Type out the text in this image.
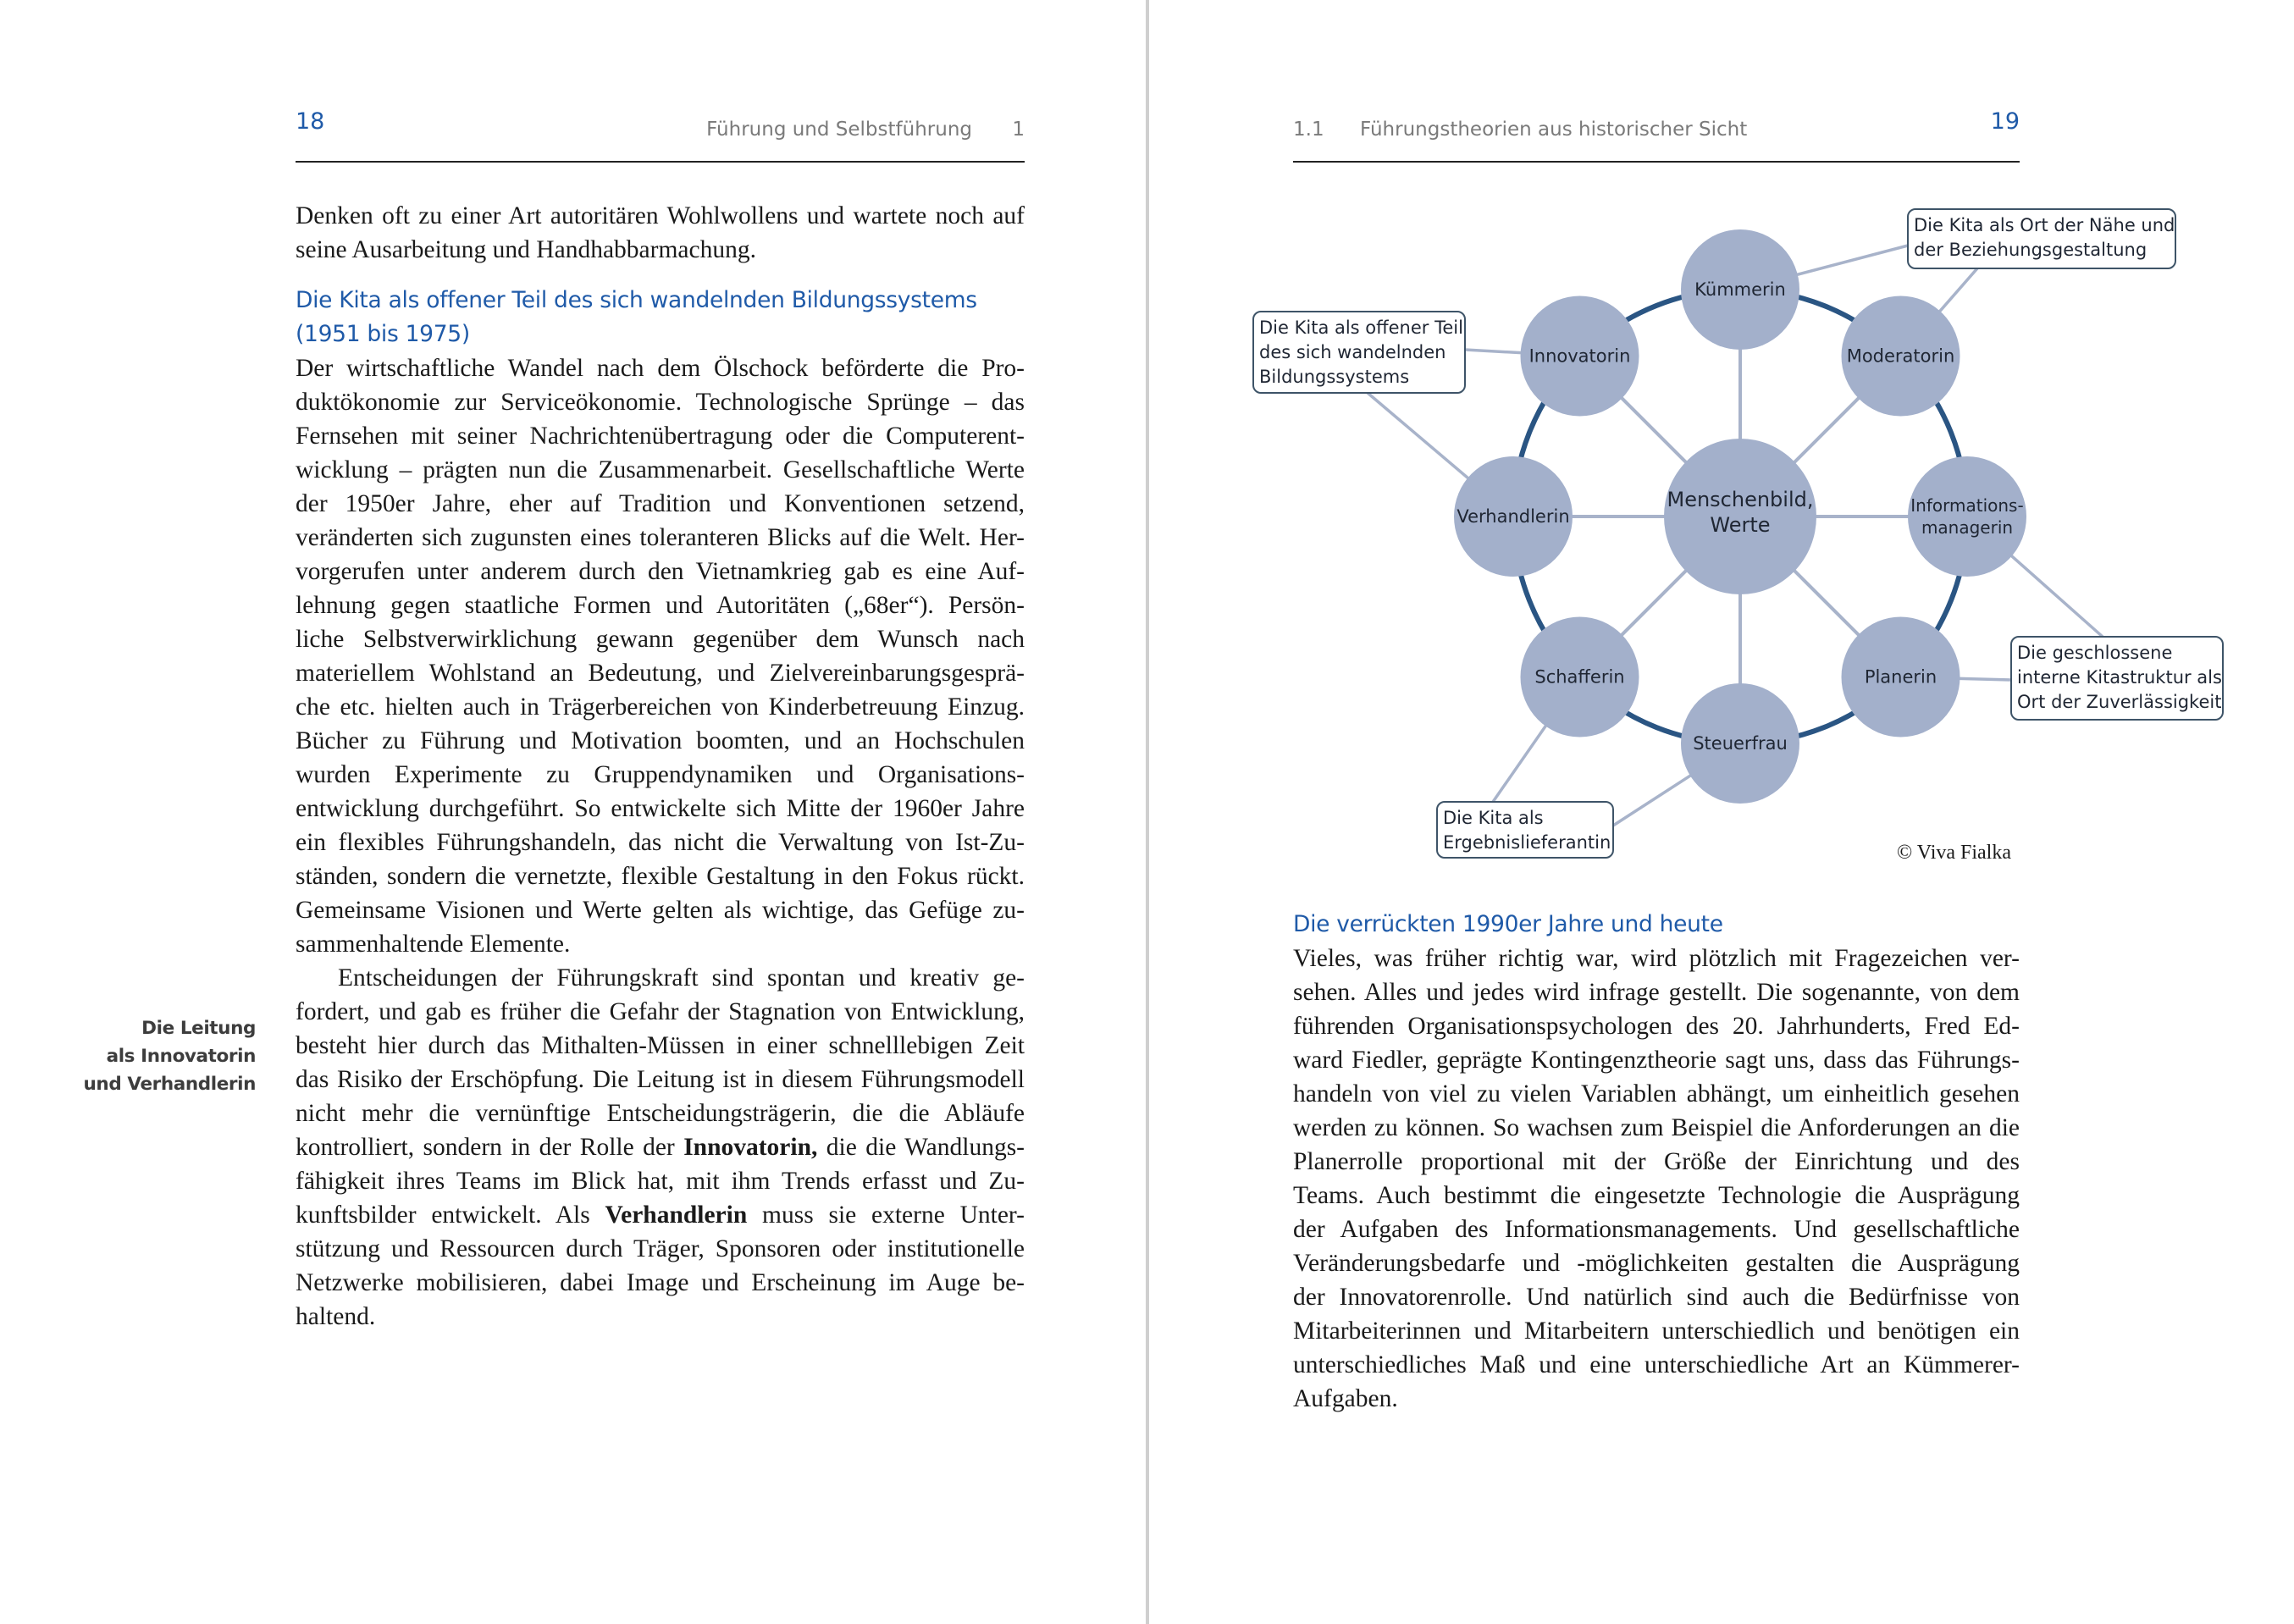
18	Führung und Selbstführung 1
Denken oft zu einer Art autoritären Wohlwollens und wartete noch auf
seine Ausarbeitung und Handhabbarmachung.
Die Kita als offener Teil des sich wandelnden Bildungssystems
(1951 bis 1975)
Der wirtschaftliche Wandel nach dem Ölschock beförderte die Pro-
duktökonomie zur Serviceökonomie. Technologische Sprünge – das
Fernsehen mit seiner Nachrichtenübertragung oder die Computerent-
wicklung – prägten nun die Zusammenarbeit. Gesellschaftliche Werte
der 1950er Jahre, eher auf Tradition und Konventionen setzend,
veränderten sich zugunsten eines toleranteren Blicks auf die Welt. Her-
vorgerufen unter anderem durch den Vietnamkrieg gab es eine Auf-
lehnung gegen staatliche Formen und Autoritäten („68er“). Persön-
liche Selbstverwirklichung gewann gegenüber dem Wunsch nach
materiellem Wohlstand an Bedeutung, und Zielvereinbarungsgesprä-
che etc. hielten auch in Trägerbereichen von Kinderbetreuung Einzug.
Bücher zu Führung und Motivation boomten, und an Hochschulen
wurden Experimente zu Gruppendynamiken und Organisations-
entwicklung durchgeführt. So entwickelte sich Mitte der 1960er Jahre
ein flexibles Führungshandeln, das nicht die Verwaltung von Ist-Zu-
ständen, sondern die vernetzte, flexible Gestaltung in den Fokus rückt.
Gemeinsame Visionen und Werte gelten als wichtige, das Gefüge zu-
sammenhaltende Elemente.
Entscheidungen der Führungskraft sind spontan und kreativ ge-
fordert, und gab es früher die Gefahr der Stagnation von Entwicklung,
besteht hier durch das Mithalten-Müssen in einer schnelllebigen Zeit
das Risiko der Erschöpfung. Die Leitung ist in diesem Führungsmodell
nicht mehr die vernünftige Entscheidungsträgerin, die die Abläufe
kontrolliert, sondern in der Rolle der Innovatorin, die die Wandlungs-
fähigkeit ihres Teams im Blick hat, mit ihm Trends erfasst und Zu-
kunftsbilder entwickelt. Als Verhandlerin muss sie externe Unter-
stützung und Ressourcen durch Träger, Sponsoren oder institutionelle
Netzwerke mobilisieren, dabei Image und Erscheinung im Auge be-
haltend.
Die Leitung
als Innovatorin
und Verhandlerin
1.1 Führungstheorien aus historischer Sicht	19
Menschenbild,
Werte
Kümmerin
Moderatorin
Informations-
managerin
Planerin
Steuerfrau
Schafferin
Verhandlerin
Innovatorin
Die Kita als Ort der Nähe und
der Beziehungsgestaltung
Die Kita als offener Teil
des sich wandelnden
Bildungssystems
Die geschlossene
interne Kitastruktur als
Ort der Zuverlässigkeit
Die Kita als
Ergebnislieferantin	© Viva Fialka
Die verrückten 1990er Jahre und heute
Vieles, was früher richtig war, wird plötzlich mit Fragezeichen ver-
sehen. Alles und jedes wird infrage gestellt. Die sogenannte, von dem
führenden Organisationspsychologen des 20. Jahrhunderts, Fred Ed-
ward Fiedler, geprägte Kontingenztheorie sagt uns, dass das Führungs-
handeln von viel zu vielen Variablen abhängt, um einheitlich gesehen
werden zu können. So wachsen zum Beispiel die Anforderungen an die
Planerrolle proportional mit der Größe der Einrichtung und des
Teams. Auch bestimmt die eingesetzte Technologie die Ausprägung
der Aufgaben des Informationsmanagements. Und gesellschaftliche
Veränderungsbedarfe und -möglichkeiten gestalten die Ausprägung
der Innovatorenrolle. Und natürlich sind auch die Bedürfnisse von
Mitarbeiterinnen und Mitarbeitern unterschiedlich und benötigen ein
unterschiedliches Maß und eine unterschiedliche Art an Kümmerer-
Aufgaben.
